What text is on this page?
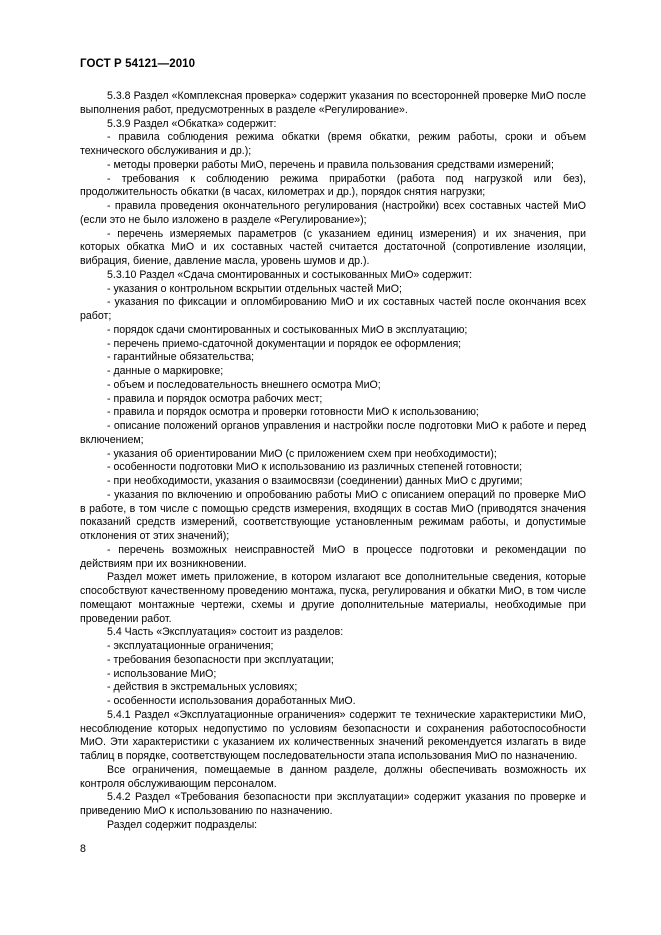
ГОСТ Р 54121—2010

5.3.8 Раздел «Комплексная проверка» содержит указания по всесторонней проверке МиО после выполнения работ, предусмотренных в разделе «Регулирование».

5.3.9 Раздел «Обкатка» содержит:

- правила соблюдения режима обкатки (время обкатки, режим работы, сроки и объем технического обслуживания и др.);

- методы проверки работы МиО, перечень и правила пользования средствами измерений;

- требования к соблюдению режима приработки (работа под нагрузкой или без), продолжительность обкатки (в часах, километрах и др.), порядок снятия нагрузки;

- правила проведения окончательного регулирования (настройки) всех составных частей МиО (если это не было изложено в разделе «Регулирование»);

- перечень измеряемых параметров (с указанием единиц измерения) и их значения, при которых обкатка МиО и их составных частей считается достаточной (сопротивление изоляции, вибрация, биение, давление масла, уровень шумов и др.).

5.3.10 Раздел «Сдача смонтированных и состыкованных МиО» содержит:

- указания о контрольном вскрытии отдельных частей МиО;

- указания по фиксации и опломбированию МиО и их составных частей после окончания всех работ;

- порядок сдачи смонтированных и состыкованных МиО в эксплуатацию;

- перечень приемо-сдаточной документации и порядок ее оформления;

- гарантийные обязательства;

- данные о маркировке;

- объем и последовательность внешнего осмотра МиО;

- правила и порядок осмотра рабочих мест;

- правила и порядок осмотра и проверки готовности МиО к использованию;

- описание положений органов управления и настройки после подготовки МиО к работе и перед включением;

- указания об ориентировании МиО (с приложением схем при необходимости);

- особенности подготовки МиО к использованию из различных степеней готовности;

- при необходимости, указания о взаимосвязи (соединении) данных МиО с другими;

- указания по включению и опробованию работы МиО с описанием операций по проверке МиО в работе, в том числе с помощью средств измерения, входящих в состав МиО (приводятся значения показаний средств измерений, соответствующие установленным режимам работы, и допустимые отклонения от этих значений);

- перечень возможных неисправностей МиО в процессе подготовки и рекомендации по действиям при их возникновении.

Раздел может иметь приложение, в котором излагают все дополнительные сведения, которые способствуют качественному проведению монтажа, пуска, регулирования и обкатки МиО, в том числе помещают монтажные чертежи, схемы и другие дополнительные материалы, необходимые при проведении работ.

5.4 Часть «Эксплуатация» состоит из разделов:

- эксплуатационные ограничения;

- требования безопасности при эксплуатации;

- использование МиО;

- действия в экстремальных условиях;

- особенности использования доработанных МиО.

5.4.1 Раздел «Эксплуатационные ограничения» содержит те технические характеристики МиО, несоблюдение которых недопустимо по условиям безопасности и сохранения работоспособности МиО. Эти характеристики с указанием их количественных значений рекомендуется излагать в виде таблиц в порядке, соответствующем последовательности этапа использования МиО по назначению.

Все ограничения, помещаемые в данном разделе, должны обеспечивать возможность их контроля обслуживающим персоналом.

5.4.2 Раздел «Требования безопасности при эксплуатации» содержит указания по проверке и приведению МиО к использованию по назначению.

Раздел содержит подразделы:

8
